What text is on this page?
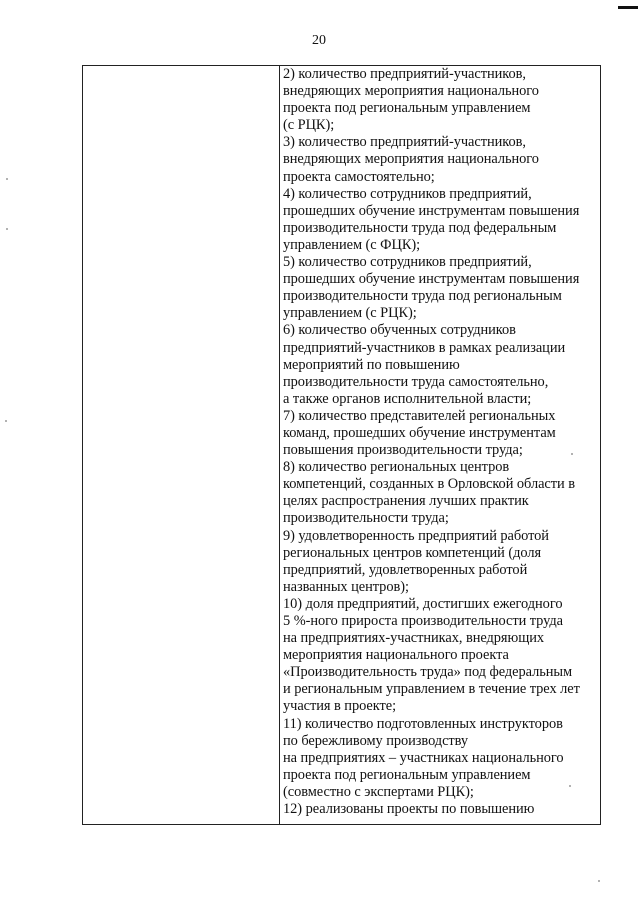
20

2) количество предприятий-участников,
внедряющих мероприятия национального
проекта под региональным управлением
(с РЦК);
3) количество предприятий-участников,
внедряющих мероприятия национального
проекта самостоятельно;
4) количество сотрудников предприятий,
прошедших обучение инструментам повышения
производительности труда под федеральным
управлением (с ФЦК);
5) количество сотрудников предприятий,
прошедших обучение инструментам повышения
производительности труда под региональным
управлением (с РЦК);
6) количество обученных сотрудников
предприятий-участников в рамках реализации
мероприятий по повышению
производительности труда самостоятельно,
а также органов исполнительной власти;
7) количество представителей региональных
команд, прошедших обучение инструментам
повышения производительности труда;
8) количество региональных центров
компетенций, созданных в Орловской области в
целях распространения лучших практик
производительности труда;
9) удовлетворенность предприятий работой
региональных центров компетенций (доля
предприятий, удовлетворенных работой
названных центров);
10) доля предприятий, достигших ежегодного
5 %-ного прироста производительности труда
на предприятиях-участниках, внедряющих
мероприятия национального проекта
«Производительность труда» под федеральным
и региональным управлением в течение трех лет
участия в проекте;
11) количество подготовленных инструкторов
по бережливому производству
на предприятиях – участниках национального
проекта под региональным управлением
(совместно с экспертами РЦК);
12) реализованы проекты по повышению
